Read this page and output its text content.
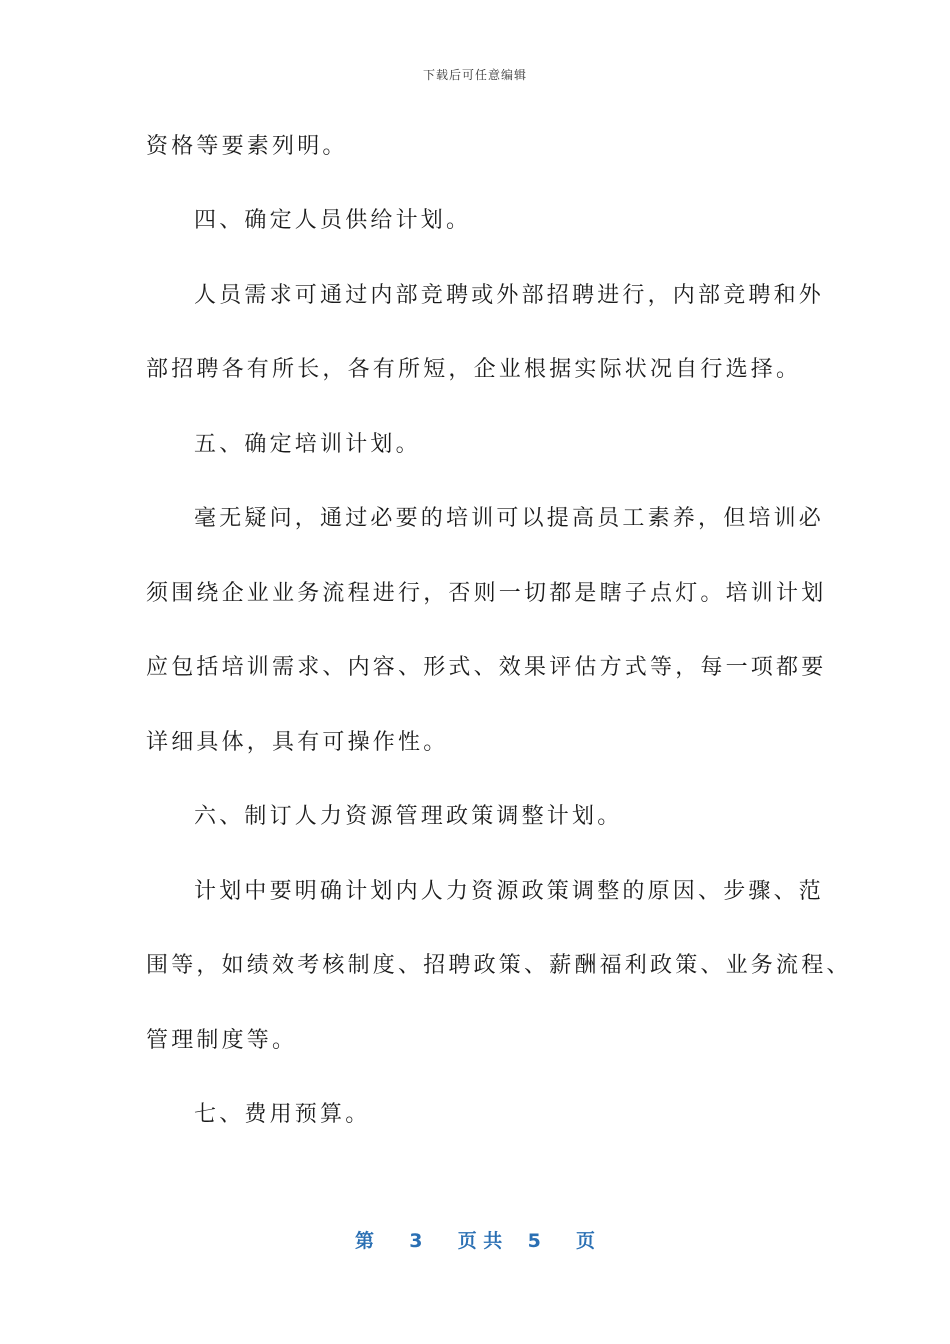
下载后可任意编辑
资格等要素列明。
四、确定人员供给计划。
人员需求可通过内部竞聘或外部招聘进行，内部竞聘和外
部招聘各有所长，各有所短，企业根据实际状况自行选择。
五、确定培训计划。
毫无疑问，通过必要的培训可以提高员工素养，但培训必
须围绕企业业务流程进行，否则一切都是瞎子点灯。培训计划
应包括培训需求、内容、形式、效果评估方式等，每一项都要
详细具体，具有可操作性。
六、制订人力资源管理政策调整计划。
计划中要明确计划内人力资源政策调整的原因、步骤、范
围等，如绩效考核制度、招聘政策、薪酬福利政策、业务流程、
管理制度等。
七、费用预算。
第 3 页 共 5 页
